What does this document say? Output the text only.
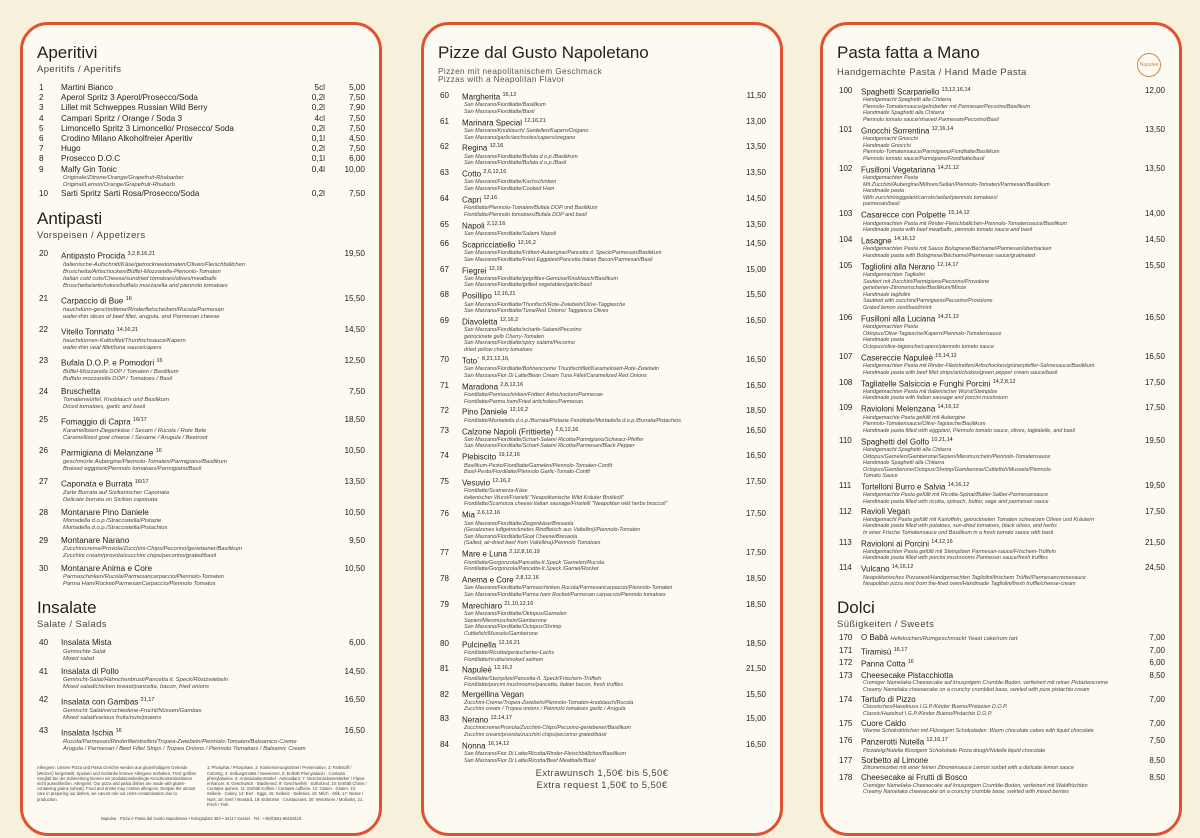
Aperitivi
Aperitifs / Aperitifs
1	Martini Bianco	5cl	5,00
2	Aperol Spritz 3 Aperol/Prosecco/Soda	0,2l	7,50
3	Lillet mit Schweppes Russian Wild Berry	0,2l	7,90
4	Campari Spritz / Orange / Soda 3	4cl	7,50
5	Limoncello Spritz 3 Limoncello/ Prosecco/ Soda	0,2l	7,50
6	Crodino Milano Alkoholfreier Aperitiv	0,1l	4,50
7	Hugo	0,2l	7,50
8	Prosecco D.O.C	0,1l	6,00
9	Malfy Gin Tonic	0,4l	10,00
Originale/Zitrone/Orange/Grapefruit-Rhabarber
Original/Lemon/Orange/Grapefruit-Rhubarb
10	Sarti Spritz Sarti Rosa/Prosecco/Soda	0,2l	7,50
Antipasti
Vorspeisen / Appetizers
20	Antipasto Procida $^{3,2,8,16,21}$	19,50
Italienische-Aufschnitt/Käse/getrockneetomaten/Oliven/Fleischbällchen
Bruschetta/Artischocken/Büffel-Mozzarella-Pienonlo-Tomaten
Italian cold cuts/Cheese/sundried tomatoes/olives/meatballs
Bruschetta/artichokes/buffalo mozzarella and piennolo tomatoes
21	Carpaccio di Bue $^{16}$	15,50
hauchdünn-geschnittene/Rinderfletscheiben/Rucola/Parmesan
wafer-thin slices of beef fillet, arugula, and Parmesan cheese
22	Vitello Tonnato $^{14,16,21}$	14,50
hauchdünnes-Kalbsfilet/Thunfischsauce/Kapern
wafer-thin veal fillet/tuna sauce/capers
23	Bufala D.O.P. e Pomodori $^{16}$	12,50
Büffel-Mozzarella DOP / Tomaten / Basilikum
Buffalo mozzarella DOP / Tomatoes / Basil
24	Bruschetta	7,50
Tomatenwürfel, Knoblauch und Basilikum
Diced tomatoes, garlic and basil
25	Fomaggio di Capra $^{16/17}$	18,50
Karamellisiert-Ziegenkäse / Sesam / Rucola / Rote Bete
Caramellized goat cheese / Sesame / Arugula / Beetroot
26	Parmigiana di Melanzane $^{16}$	10,50
geschmorte Aubergine/Piennolo-Tomaten/Parmigiano/Basilikum
Braised eggplant/Piennolo tomatoes/Parmigiano/Basil
27	Caponata e Burrata $^{16/17}$	13,50
Zarte Burrata auf Sizilianischer Caponata
Delicate burrata on Sicilian caponata
28	Montanare Pino Daniele	10,50
Mortadella d.o.p./Stracciatella/Pistazie
Mortadella d.o.p./Stracciatella/Pistachios
29	Montanare Narano	9,50
Zucchinicreme/Provola/Zucchini-Chips/Pecorino/geriebener/Basilikum
Zucchini cream/provola/zucchini chips/pecorino/grated/basil
30	Montanare Anima e Core	10,50
Parmaschinken/Rucola/Parmesancarpaccio/Piennolo-Tomaten
Parma Ham/Rocket/ParmesanCarpaccio/Piennolo Tomatos
Insalate
Salate / Salads
40	Insalata Mista	6,00
Gemischte Salat
Mixed salad
41	Insalata di Pollo	14,50
Gemischt-Salat/Hähnchenbrust/Pancetta it. Speck/Röstzwiebeln
Mixed salad/chicken breast/pancetta, bacon, fried onions
42	Insalata con Gambas $^{21,17}$	16,50
Gemischt Salat/verschiedene-Frucht/Nüssen/Gambas
Mixed salad/various fruits/nuts/prawns
43	Insalata Ischia $^{16}$	16,50
Rucola/Parmesan/Rinderfiletstreifen/Tropea-Zwiebeln/Piennolo-Tomaten/Balsamico-Creme
Arugula / Parmesan / Beef Fillet Strips / Tropea Onions / Piennolo Tomatoes / Balsamic Cream
Allergene: Unsere Pizza und Pasta Gerichte werden aus glutenhaltigem Getreide (Weizen) hergestellt. Speisen und Getränke können Allergene enthalten. Trotz größter Sorgfalt bei der Zubereitung können wir produktionsbedingte Kreuzkontaminationen nicht ausschließen. Allergens: Our pizza and pasta dishes are made with gluten-containing grains (wheat). Food and drinks may contain allergens. Despite the utmost care in preparing our dishes, we cannot rule out cross-contamination due to production.
1: Phosphat / Phosphate, 2: Konservierungsmittel / Preservative, 3: Farbstoff / Coloring, 4: Süßungsmittel / Sweetener, 5: Enthält Phenylalanin · Contains phenylalanine, 6: Antioxidationsmittel · Antioxidant, 7: Geschmacksverstärker / Flavor enhancer, 8: Geschwärzt · Blackened, 9: Geschwefelt · Sulfurized, 10: Enthält Chinin / Contains quinine, 11: Enthält Koffein / Contains caffeine, 12: Gluten · Gluten, 13: Sellerie · Celery, 14: Eier · Eggs, 15: Sellerie · Selleries, 16: Milch · Milk, 17: Nüsse / Nuts, 18: Senf / Mustard, 19: Erdnüsse · Crustaceans, 20: Weichtiere / Mollusks, 21: Fisch / Fish
Napulea · Pizza e Pasta dal Gusto Napoletano • Königsplatz 36A • 34117 Kassel · Tel.: +49(0)561-86158115
Pizze dal Gusto Napoletano
Pizzen mit neapolitanischem Geschmack
Pizzas with a Neapolitan Flavor
60	Margherita $^{16,12}$	11,50
San Marzano/Fiordilatte/Basilikum
San Marzano/Fiordilatte/Basil
61	Marinara Special $^{12,16,21}$	13,00
San Marzano/Knoblauch/ Sardellen/Kapern/Origano
San Marzano/garlic/anchovies/capers/oregano
62	Regina $^{12,16}$	13,50
San Marzano/Fiordilatte/Bufala d.o.p./Basilikum
San Marzano/Fiordilatte/Bufala d.o.p./Basil
63	Cotto $^{2,6,12,16}$	13,50
San Marzano/Fiordilatte/Kochschinken
San Marzano/Fiordilatte/Cooked Ham
64	Capri $^{12,16}$	14,50
Fiordilatte/Piennolo-Tomaten/Bufala DOP und Basilikum
Fiordilatte/Piennolo tomatoes/Bufala DOP and basil
65	Napoli $^{2,12,16}$	13,50
San Marzano/Fiordilatte/Salami Napoli
66	Scapricciatiello $^{12,16,2}$	14,50
San Marzano/Fiordilatte/Frittiert-Aubergine/Pancetta it. Speck/Parmesan/Basilikum
San Marzano/Fiordilatte/Fried Eggplant/Pancetta Italian Bacon/Parmesan/Basil
67	Fiegrei $^{12,16}$	15,00
San Marzano/Fiordilatte/gegrilltes-Gemüse/Knoblauch/Basilikum
San Marzano/Fiordilatte/grilled vegetables/garlic/basil
68	Posillipo $^{12,16,21}$	15,50
San Marzano/Fiordilatte/Thunfisch/Rote-Zwiebeln/Olive-Taggiasche
San Marzano/Fiordilatte/Tuna/Red Onions/ Taggiasca Olives
69	Diavoletta $^{12,16,2}$	16,50
San Marzano/Fiordilatte/scharfe-Salami/Pecorino
getrocknete gelb Cherry-Tomaten
San Marzano/Fiordilatte/spicy salami/Pecorino
dried yellow cherry tomatoes
70	Toto` $^{8,21,12,16,}$	16,50
San Marzano/Fiordilatte/Bohnencreme Thunfischfilet/Karamelisiert-Rote-Zwiebeln
San Marzano/Fior Di Latte/Bean Cream Tuna Fillet/Caramelized Red Onions
71	Maradona $^{2,8,12,16}$	16,50
Fiordilatte/Parmaschinken/Frittiert Artischocken/Parmesan
Fiordilatte/Parma ham/Fried artichokes/Parmesan
72	Pino Daniele $^{12,16,2}$	18,50
Fiordilatte/Mortadella d.o.p./Burrata/Pistazie Fiordilatte/Mortadella d.o.p./Burrata/Pistachios
73	Calzone Napoli (Frittierte) $^{2,6,12,16}$	16,50
San Marzano/Fiordilatte/Scharf-Salami Ricotta/Parmigiano/Schwarz-Pfeffer
San Marzano/Fiordilatte/Scharf-Salami Ricotta/Parmesan/Black Pepper
74	Plebiscito $^{19,12,16}$	16,50
Basilikum-Pesto/Fiordilatte/Gamelen/Piennolo-Tomaten-Confit
Basil-Pesto/Fiordilatte/Piennolo Garlic-Tomato-Confit
75	Vesuvio $^{12,16,2}$	17,50
Fiordilatte/Scamerza-Käse
italienischer Wurst/Friarielli "Neapolitanische Wild Kräuter Brokkoli"
Fiordilatte/Scamorza cheese Italian sausage/Friarielli "Neapolitan wild herbs broccoli"
76	Mia $^{2,6,12,16}$	17,50
San Marzano/Fiordilatte/Ziegenkäse/Bresaola
(Gesalzenes luftgetrocknetes Rindfleisch aus Valtellini)/Piennolo-Tomaten
San Marzano/Fiordilatte/Goat Cheese/Bresaola
(Salted, air-dried beef from Valtellina)/Piennolo Tomatoes
77	Mare e Luna $^{2,12,8,16,19}$	17,50
Fiordilatte/Gorgonzola/Pancetta-It.Speck 'Garnelen/Rucola
Fiordilatte/Gorgonzola/Pancetta-It.Speck /Garnel/Rocket
78	Anema e Core $^{2,8,12,16}$	18,50
San Marzano/Fiordilatte/Parmaschinken Rucola/Parmesancarpaccio/Piennolo-Tomaten
San Marzano/Fiordilatte/Parma ham Rocket/Parmesan carpaccio/Piennolo tomatoes
79	Marechiaro $^{21,10,12,16}$	18,50
San Marzano/Fiordilatte/Oktopus/Garnelen
Sepien/Miesmuscheln/Gamberone
San Marzano/Fiordilatte/Octopus/Shrimp
Cuttlefish/Mussels/Gamberone
80	Pulcinella $^{12,16,21}$	18,50
Fiordilatte/Ricotta/geräucherter-Lachs
Fiordilatte/ricotta/smoked salmon
81	Napuleè $^{12,16,2}$	21,50
Fiordilatte/Steinpilze/Pancetta-It. Speck/Frischem-Trüffeln
Fiordilatte/porcini mushrooms/pancetta, Italian bacon, fresh truffles
82	Mergellina Vegan	15,50
Zucchini-Creme/Tropea-Zwiebeln/Piennolo-Tomaten-knoblauch/Rucola
Zucchini cream / Tropea onions / Piennolo tomatoes garlic / Arugula
83	Nerano $^{12,14,17}$	15,00
Zucchinicreme/Provola/Zucchini-Chips/Pecorino-geriebener/Basilikum
Zucchini cream/provola/zucchini chips/pecorino grated/basil
84	Nonna $^{16,14,12}$	16,50
San Marzano/Fior Di Latte/Ricotta/Rinder-Fleischbällchen/Basilikum
San Marzano/Fior Di Latte/Ricotta/Beef Meatballs/Basil
Extrawunsch 1,50€ bis 5,50€
Extra request 1,50€ to 5,50€
Napulee
Pasta fatta a Mano
Handgemachte Pasta / Hand Made Pasta
100	Spaghetti Scarpariello $^{13,12,16,14}$	12,00
Handgemacht Spaghetti alla Chitarra
Piennolo-Tomatensauce/gehobelter mit Parmesan/Pecorino/Basilikum
Handmade Spaghetti alla Chitarra
Piennolo tomato sauce/shaved Parmesan/Pecorino/Basil
101	Gnocchi Sorrentina $^{12,16,14}$	13,50
Handgemacht Gnocchi
Handmade Gnocchi
Piennolo-Tomatensauce/Parmigiano/Fiordilatte/Basilikum
Piennolo tomato sauce/Parmigiano/Fiordilatte/basil
102	Fusilloni Vegetariana $^{14,21,12}$	13,50
Handgemachten Pasta
Mit Zucchini/Aubergine/Möhren/Sellari/Piennolo-Tomaten/Parmesan/Basilikum
Handmade pasta
With zucchini/eggplant/carrots/sellari/piennolo tomatoes/
parmesan/basil
103	Casarecce con Polpette $^{15,14,12}$	14,00
Handgemachten Pasta mit Rinder-Fleischbällchen-Piennolo-Tomatensauce/Basilikum
Handmade pasta with beef meatballs, piennolo tomato sauce and basil
104	Lasagne $^{14,16,12}$	14,50
Handgemachten Pasta mit Sauce Bolognese/Béchamel/Parmesan/überbacken
Handmade pasta with Bolognese/Béchamel/Parmesan sauce/gratinated
105	Tagliolini alla Nerano $^{12,14,17}$	15,50
Handgemachten Tagliolini
Sautiert mit Zucchini/Parmigiano/Pecorino/Provolone
geriebener-Zitronenschale/Basilikum/Minze
Handmade tagliolini
Sautéed with zucchini/Parmigiano/Pecorino/Provolone
Grated lemon zest/basil/mint
106	Fusilloni alla Luciana $^{14,21,12}$	16,50
Handgemachten Pasta
Oktopus/Olive-Tagiasche/Kapern/Piennolo-Tomatensauce
Handmade pasta
Octopus/olive-tagiasche/capers/piennolo tomato sauce
107	Casereccie Napuleè $^{15,14,12}$	16,50
Handgemachten Pasta mit Rinder-Filetstreifen/Artischocken/grünerpfeffer-Sahnesauce/Basilikum
Handmade pasta with beef fillet strips/artichokes/green pepper cream sauce/basil
108	Tagliatelle Salsiccia e Funghi Porcini $^{14,2,8,12}$	17,50
Handgemachten Pasta mit Italienischer Wurst/Steinpilze
Handmade pasta with Italian sausage and porcini mushroom
109	Ravioloni Melenzana $^{14,16,12}$	17,50
Handgemachte Pasta gefüllt mit Aubergine
Piennolo-Tomatensauce/Olive-Tagiasche/Basilikum
Handmade pasta filled with eggplant, Piennolo tomato sauce, olives, tagliatelle, and basil
110	Spaghetti del Golfo $^{10,21,14}$	19,50
Handgemacht Spaghetti alla Chitarra
Oktopus/Garnelen/Gamberone/Sepien/Miesmuscheln/Piennolo-Tomatensauce
Handmade Spaghetti alla Chitarra
Octopus/Gamberone/Octopus/Shrimp/Gamberone/Cuttlefish/Mussels/Piennolo
Tomato Sauce
111	Tortelloni Burro e Salvia $^{14,16,12}$	19,50
Handgemachte Pasta gefüllt mit Ricotta-Spinat/Butter-Salbei-Parmesansauce
Handmade pasta filled with ricotta, spinach, butter, sage and parmesan sauce
112	Ravioli Vegan	17,50
Handgemacht Pasta gefüllt mit Kartoffeln, getrockneten Tomaten schwarzen Oliven und Kräutern
Handmade pasta filled with potatoes, sun-dried tomatoes, black olives, and herbs
In einer Frische Tomatensauce und Basilikum in a fresh tomato sauce with basil
113	Ravioloni ai Porcini $^{14,12,16}$	21,50
Handgemachten Pasta gefüllt mit Steinpilzen Parmesan-sauce/Frischem-Trüffeln
Handmade pasta filled with porcini mushrooms Parmesan sauce/fresh truffles
114	Vulcano $^{14,16,12}$	24,50
Neapolitanisches Pizzanest/Handgemachten Tagliolini/frischem Trüffel/Parmesancremesauce
Neapolitan pizza nest from the-fired oven/Handmade Tagliolini/fresh truffle/cheese-cream
Dolci
Süßigkeiten / Sweets
170	O Babà Hefekuchen/Rumgeschmackt Yeast cake/rum tart	7,00
171	Tiramisù $^{16,17}$	7,00
172	Panna Cotta $^{16}$	6,00
173	Cheesecake Pistacchiotta	8,50
Cremiger Namelaka-Cheesecake auf knusprigem Crumble-Boden, verfeinert mit reiner Pistaziencreme
Creamy Namelaka cheesecake on a crunchy crumbled base, swirled with pure pistachio cream
174	Tartufo di Pizzo	7,00
Classisches/Haselnuss I.G.P./Kinder Bueno/Pistazien D.O.P.
Classic/Hazelnut I.G.P./Kinder Bueno/Pistachio D.O.P.
175	Cuore Caldo	7,00
Warme Schokotörtchen mit Flüssigem Schokoladen :Warm chocolate cakes with liquid chocolate
176	Panzerotti Nutella $^{12,16,17}$	7,50
Pizzateig/Nutella flüssigem Schokolade Pizza dough/Nutella liquid chocolate
177	Sorbetto al Limone	8,50
Zitronensorbet mit einer feinen Zitronensauce Lemon sorbet with a delicate lemon sauce
178	Cheesecake ai Frutti di Bosco	8,50
Cremiger Namelaka-Cheesecake auf knusprigem Crumble-Boden, verfeinert mit Waldfrüchten
Creamy Namelaka cheesecake on a crunchy crumble base, swirled with mixed berries
